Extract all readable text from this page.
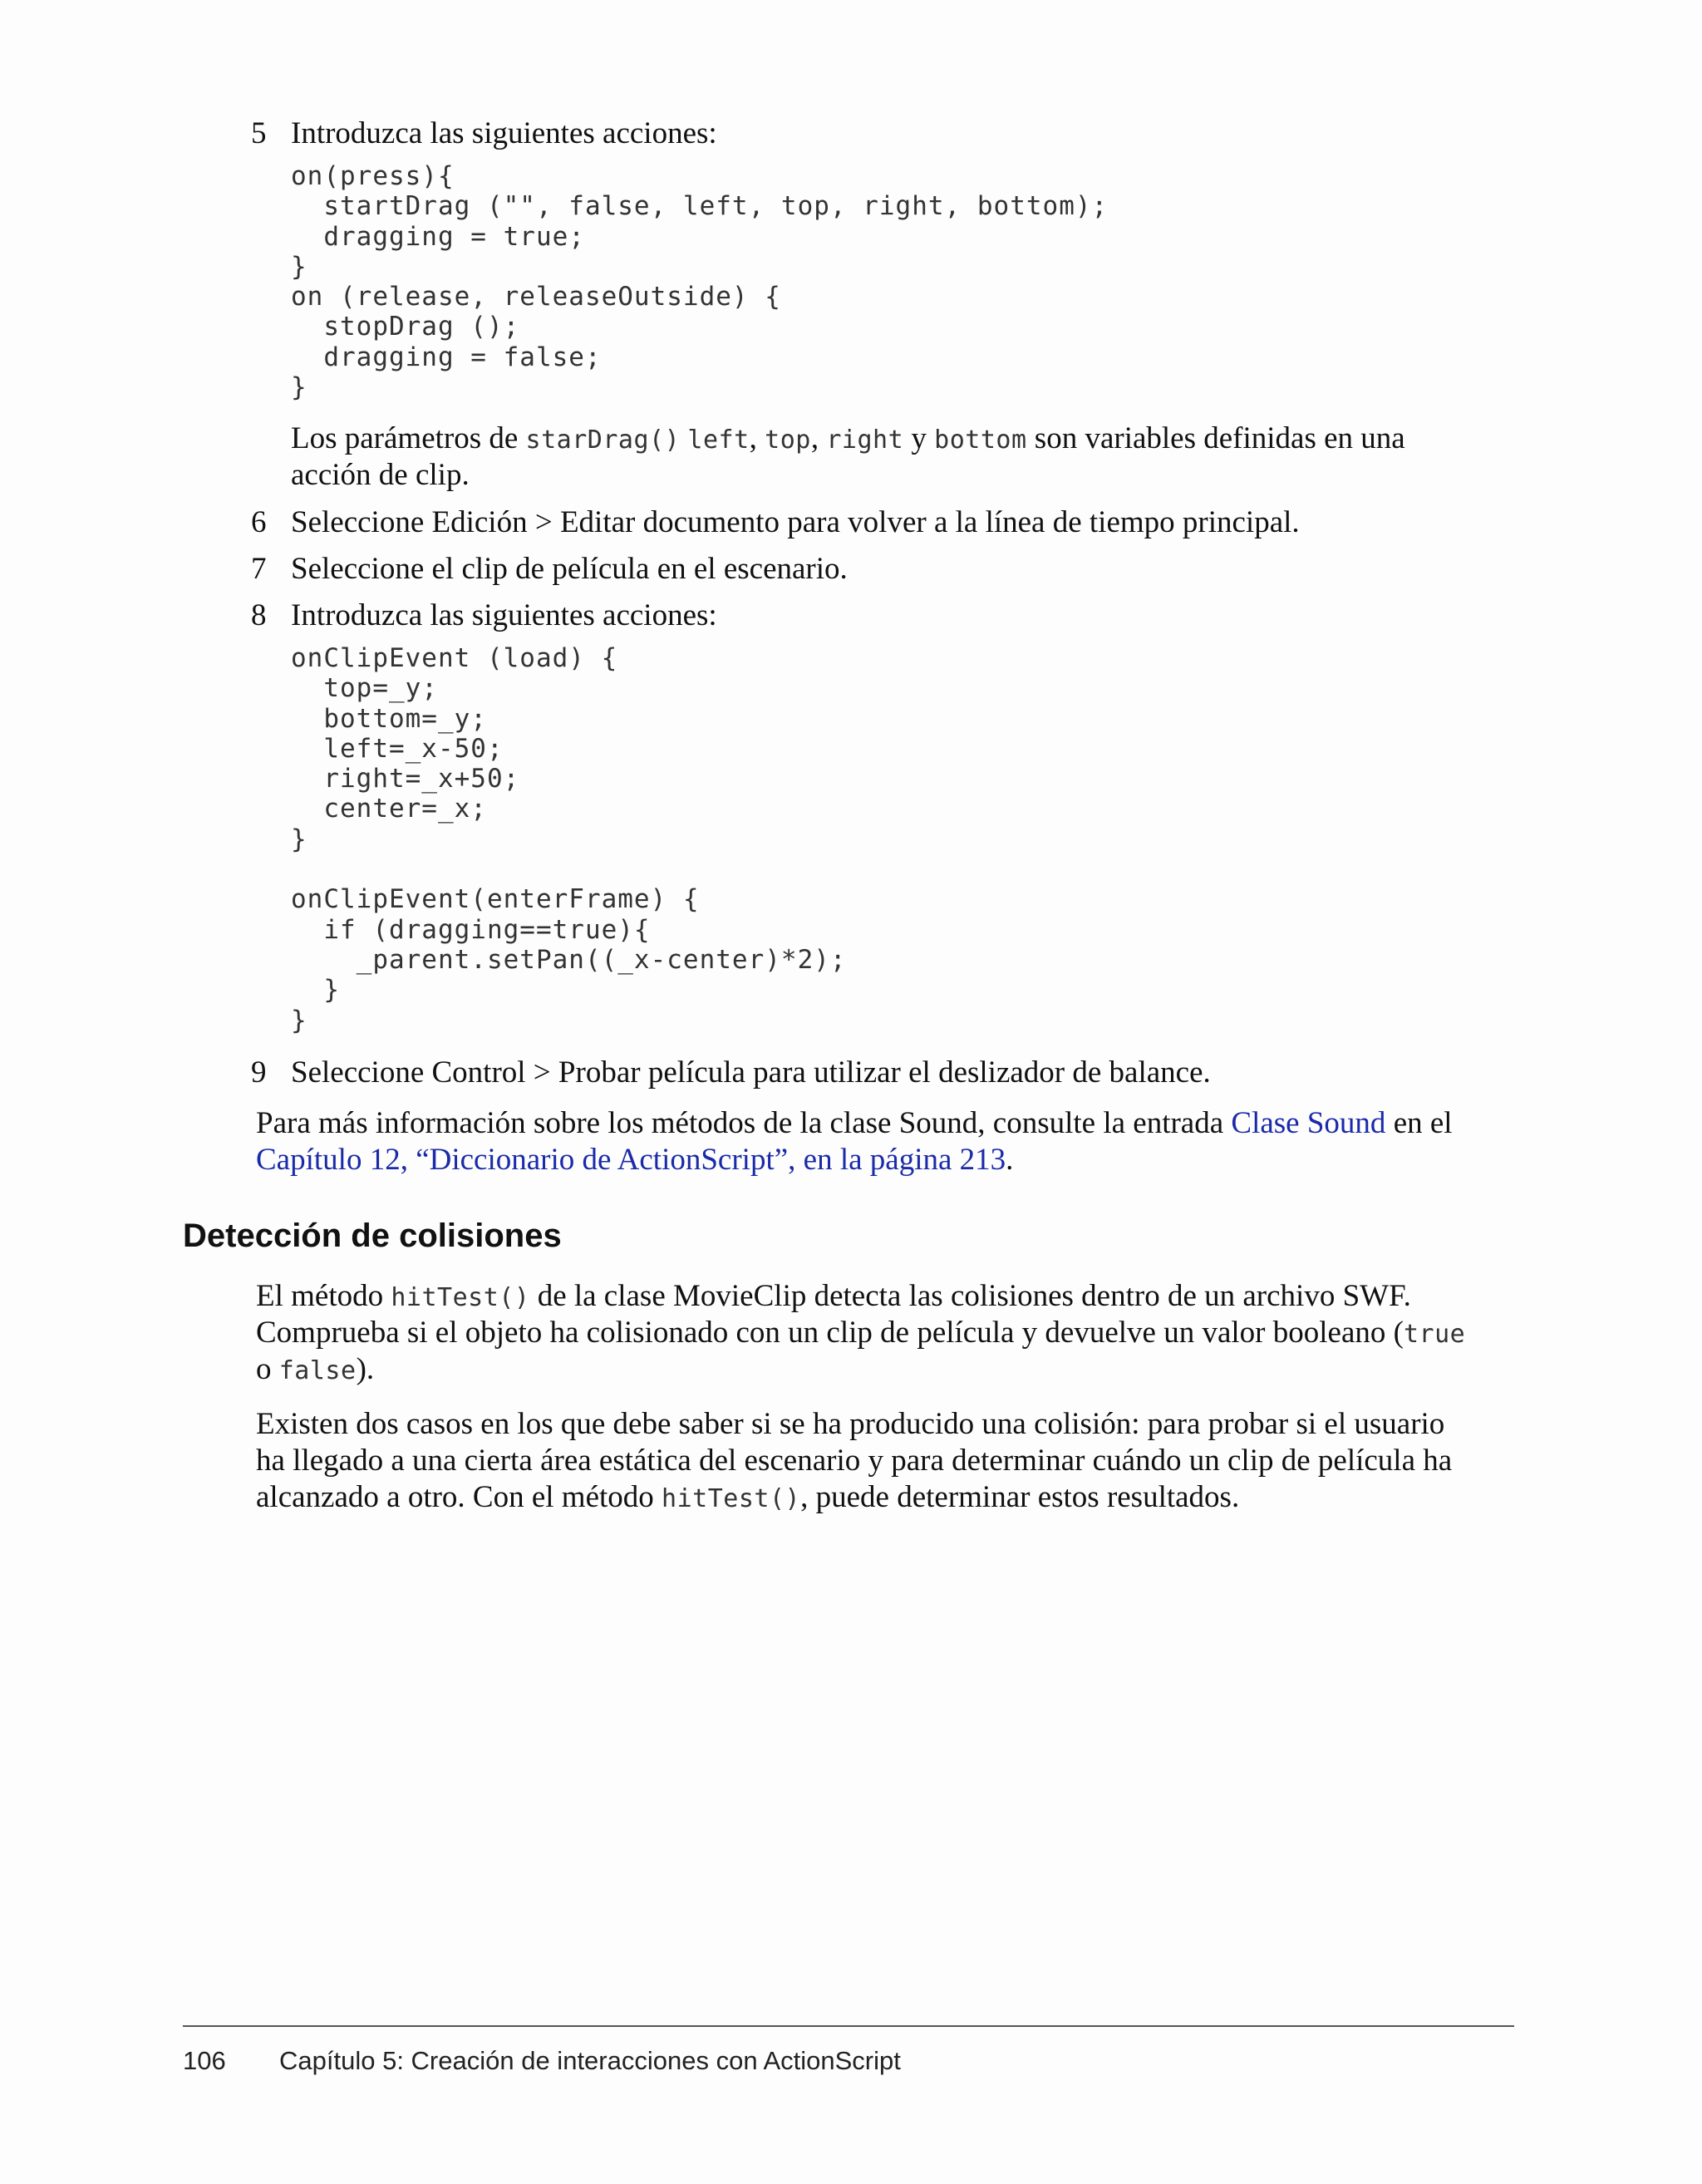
5 Introduzca las siguientes acciones:
on(press){
startDrag ("", false, left, top, right, bottom);
dragging = true;
}
on (release, releaseOutside) {
stopDrag ();
dragging = false;
}
Los parámetros de starDrag() left, top, right y bottom son variables definidas en una
acción de clip.
6 Seleccione Edición > Editar documento para volver a la línea de tiempo principal.
7 Seleccione el clip de película en el escenario.
8 Introduzca las siguientes acciones:
onClipEvent (load) {
top=_y;
bottom=_y;
left=_x-50;
right=_x+50;
center=_x;
}
onClipEvent(enterFrame) {
if (dragging==true){
_parent.setPan((_x-center)*2);
}
}
9 Seleccione Control > Probar película para utilizar el deslizador de balance.
Para más información sobre los métodos de la clase Sound, consulte la entrada Clase Sound en el
Capítulo 12, “Diccionario de ActionScript”, en la página 213.
Detección de colisiones
El método hitTest() de la clase MovieClip detecta las colisiones dentro de un archivo SWF.
Comprueba si el objeto ha colisionado con un clip de película y devuelve un valor booleano (true
o false).
Existen dos casos en los que debe saber si se ha producido una colisión: para probar si el usuario
ha llegado a una cierta área estática del escenario y para determinar cuándo un clip de película ha
alcanzado a otro. Con el método hitTest(), puede determinar estos resultados.
106 Capítulo 5: Creación de interacciones con ActionScript
